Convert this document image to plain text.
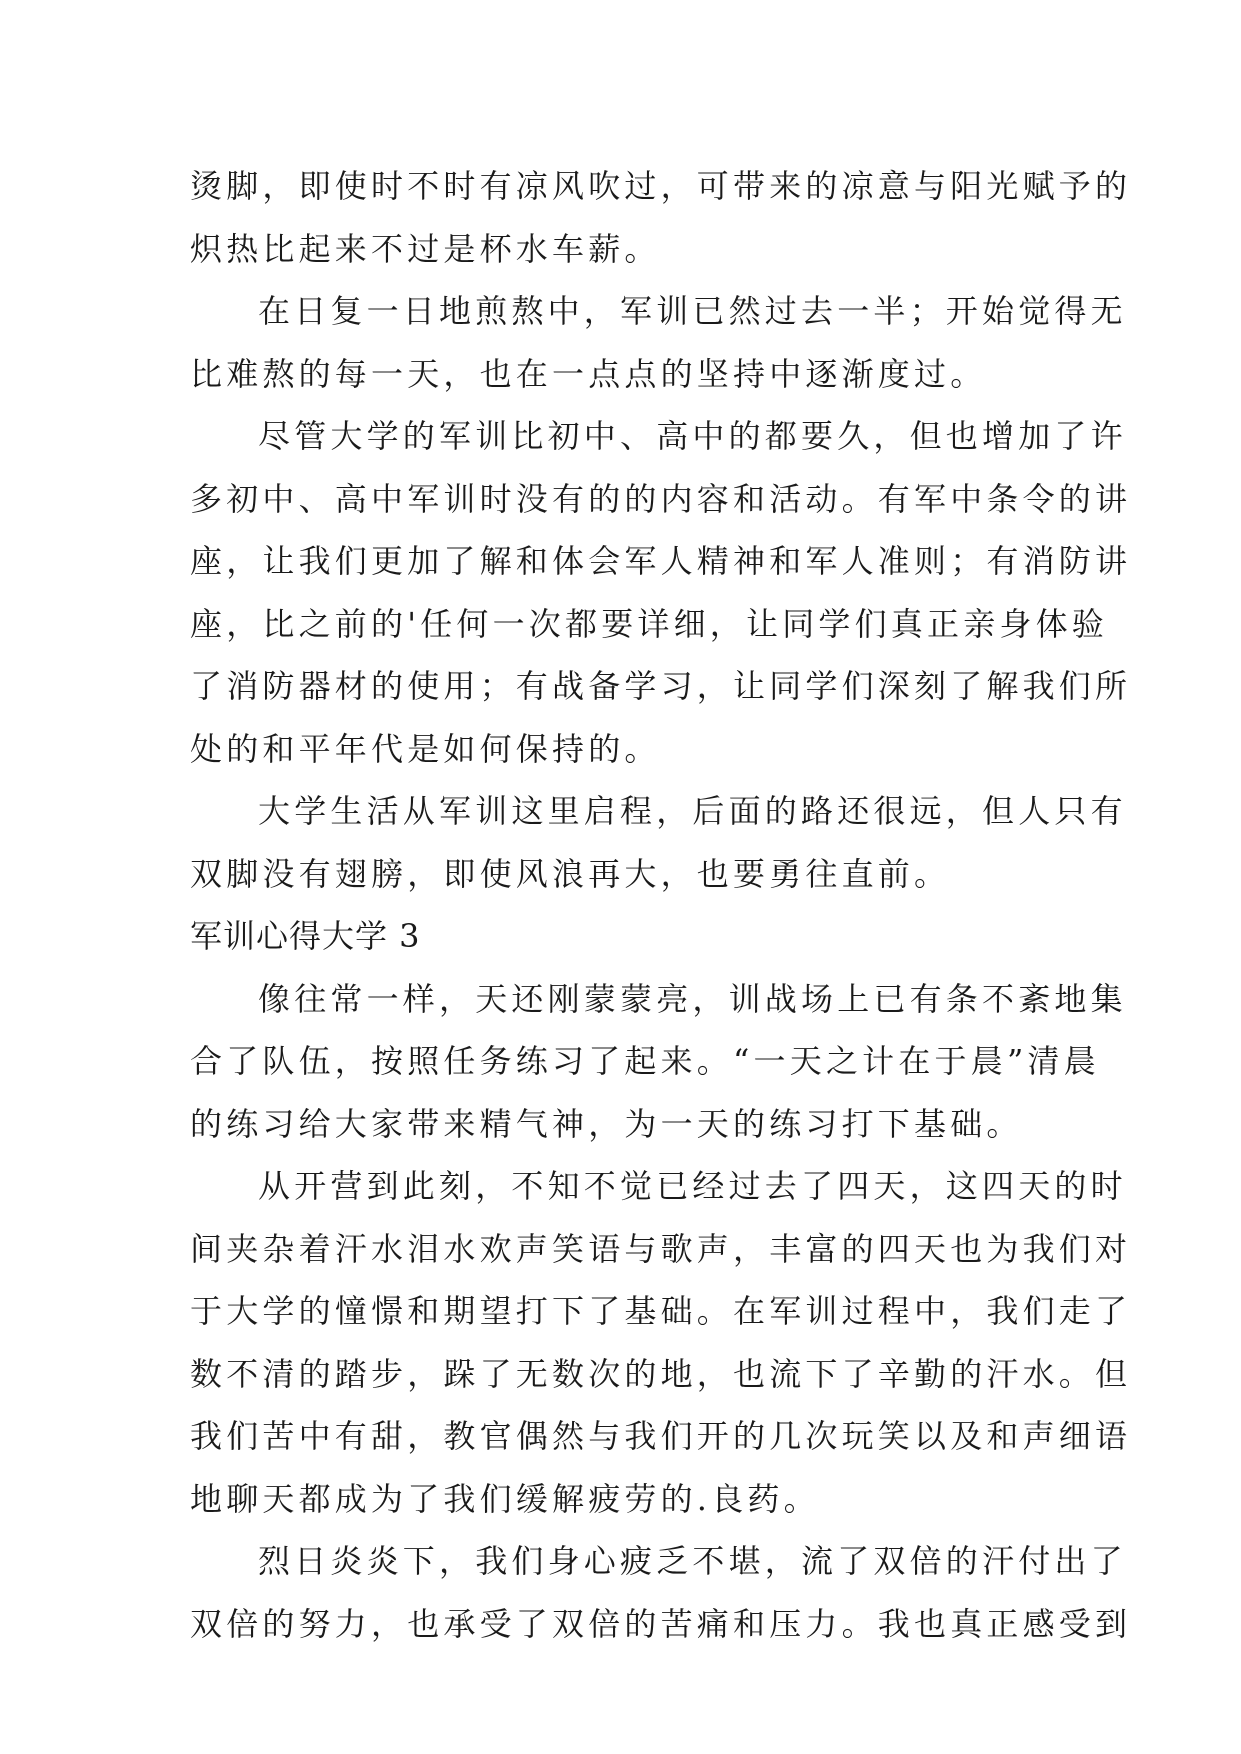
烫脚，即使时不时有凉风吹过，可带来的凉意与阳光赋予的
炽热比起来不过是杯水车薪。
在日复一日地煎熬中，军训已然过去一半；开始觉得无
比难熬的每一天，也在一点点的坚持中逐渐度过。
尽管大学的军训比初中、高中的都要久，但也增加了许
多初中、高中军训时没有的的内容和活动。有军中条令的讲
座，让我们更加了解和体会军人精神和军人准则；有消防讲
座，比之前的'任何一次都要详细，让同学们真正亲身体验
了消防器材的使用；有战备学习，让同学们深刻了解我们所
处的和平年代是如何保持的。
大学生活从军训这里启程，后面的路还很远，但人只有
双脚没有翅膀，即使风浪再大，也要勇往直前。
军训心得大学 3
像往常一样，天还刚蒙蒙亮，训战场上已有条不紊地集
合了队伍，按照任务练习了起来。“一天之计在于晨”清晨
的练习给大家带来精气神，为一天的练习打下基础。
从开营到此刻，不知不觉已经过去了四天，这四天的时
间夹杂着汗水泪水欢声笑语与歌声，丰富的四天也为我们对
于大学的憧憬和期望打下了基础。在军训过程中，我们走了
数不清的踏步，跺了无数次的地，也流下了辛勤的汗水。但
我们苦中有甜，教官偶然与我们开的几次玩笑以及和声细语
地聊天都成为了我们缓解疲劳的.良药。
烈日炎炎下，我们身心疲乏不堪，流了双倍的汗付出了
双倍的努力，也承受了双倍的苦痛和压力。我也真正感受到
